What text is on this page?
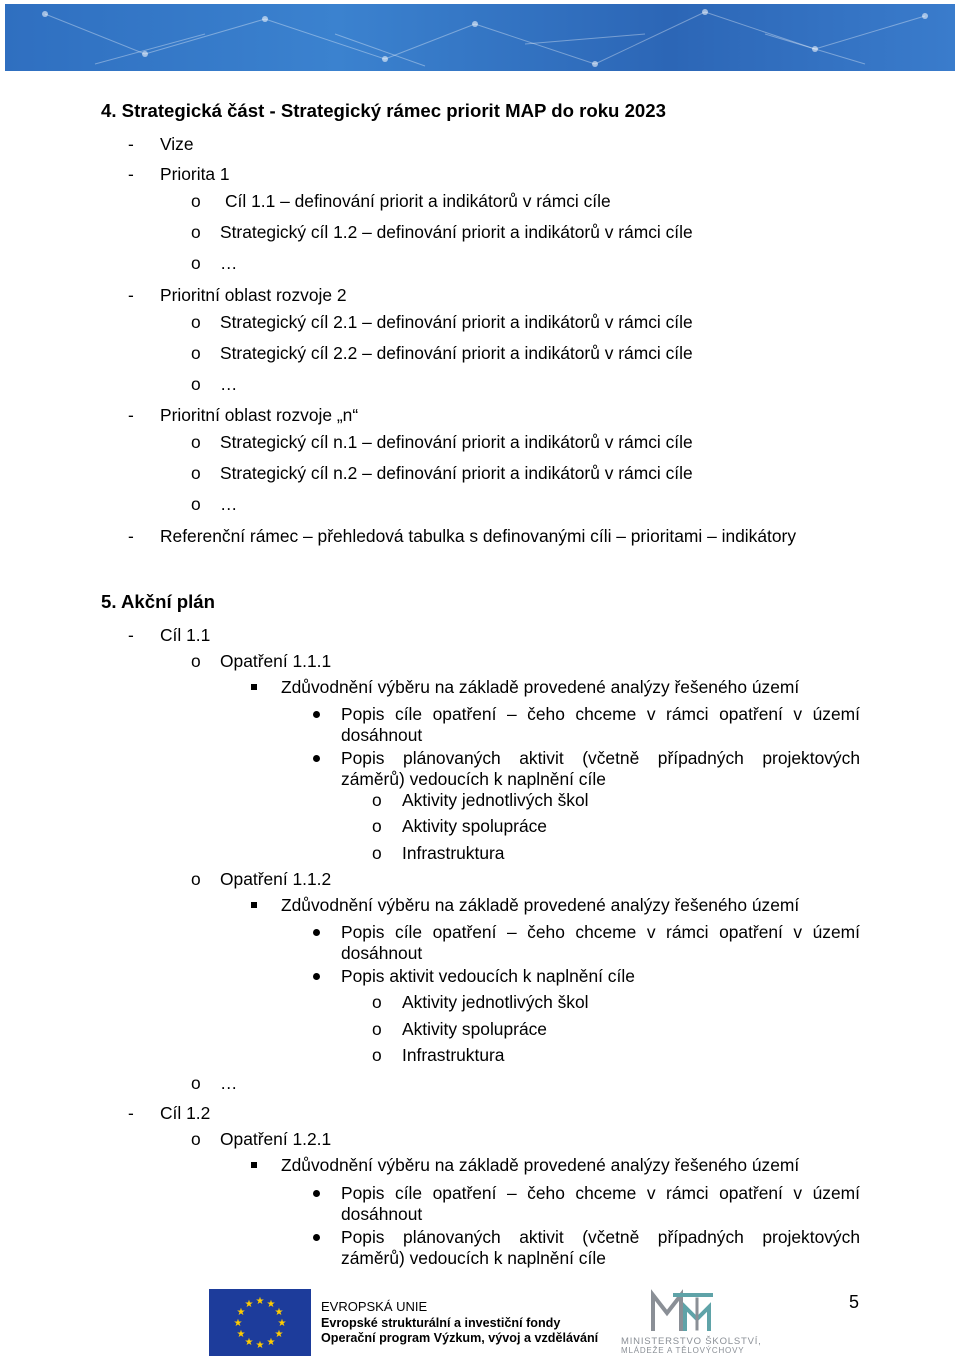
4. Strategická část - Strategický rámec priorit MAP do roku 2023
- Vize
- Priorita 1
o Cíl 1.1 – definování priorit a indikátorů v rámci cíle
o Strategický cíl 1.2 – definování priorit a indikátorů v rámci cíle
o …
- Prioritní oblast rozvoje 2
o Strategický cíl 2.1 – definování priorit a indikátorů v rámci cíle
o Strategický cíl 2.2 – definování priorit a indikátorů v rámci cíle
o …
- Prioritní oblast rozvoje „n“
o Strategický cíl n.1 – definování priorit a indikátorů v rámci cíle
o Strategický cíl n.2 – definování priorit a indikátorů v rámci cíle
o …
- Referenční rámec – přehledová tabulka s definovanými cíli – prioritami – indikátory
5. Akční plán
- Cíl 1.1
o Opatření 1.1.1
Zdůvodnění výběru na základě provedené analýzy řešeného území
Popis cíle opatření – čeho chceme v rámci opatření v území
dosáhnout
Popis plánovaných aktivit (včetně případných projektových
záměrů) vedoucích k naplnění cíle
o Aktivity jednotlivých škol
o Aktivity spolupráce
o Infrastruktura
o Opatření 1.1.2
Zdůvodnění výběru na základě provedené analýzy řešeného území
Popis cíle opatření – čeho chceme v rámci opatření v území
dosáhnout
Popis aktivit vedoucích k naplnění cíle
o Aktivity jednotlivých škol
o Aktivity spolupráce
o Infrastruktura
o …
- Cíl 1.2
o Opatření 1.2.1
Zdůvodnění výběru na základě provedené analýzy řešeného území
Popis cíle opatření – čeho chceme v rámci opatření v území
dosáhnout
Popis plánovaných aktivit (včetně případných projektových
záměrů) vedoucích k naplnění cíle
★ ★
★
★
★
★
★
★
★
★
★
★	EVROPSKÁ UNIE
Evropské strukturální a investiční fondy
Operační program Výzkum, vývoj a vzdělávání MINISTERSTVO ŠKOLSTVÍ,
MLÁDEŽE A TĚLOVÝCHOVY
5
